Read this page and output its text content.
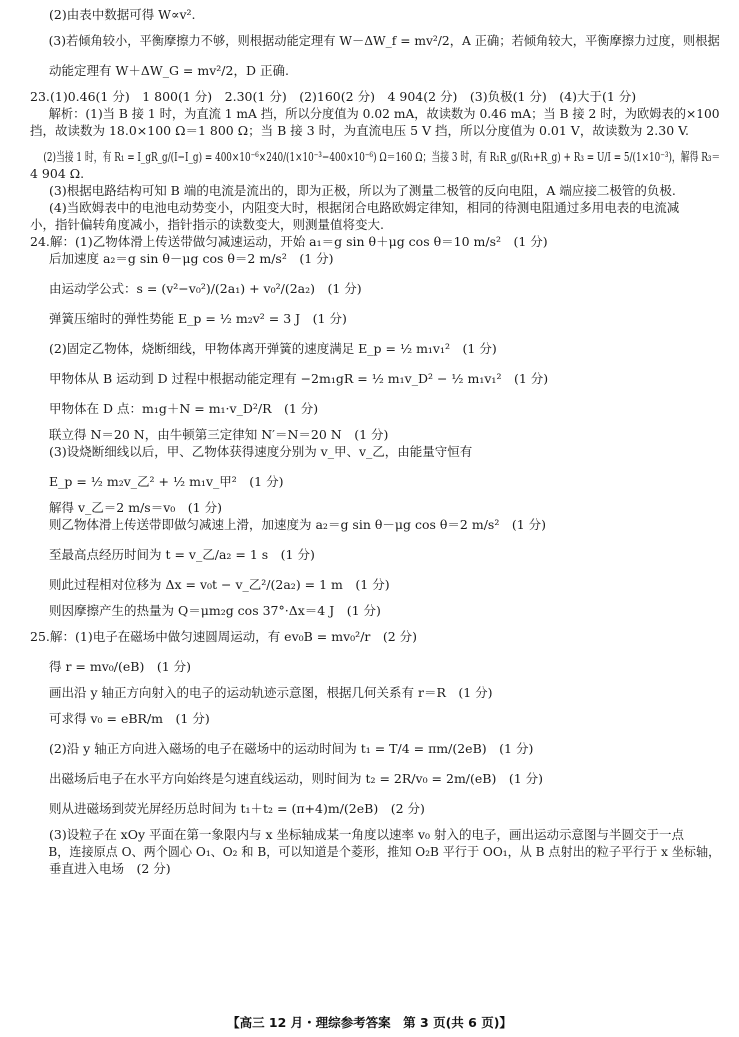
(2)由表中数据可得 W∝v².

(3)若倾角较小，平衡摩擦力不够，则根据动能定理有 W－ΔW_f = mv²/2，A 正确；若倾角较大，平衡摩擦力过度，则根据

动能定理有 W＋ΔW_G = mv²/2，D 正确.

23.(1)0.46(1 分)　1 800(1 分)　2.30(1 分)　(2)160(2 分)　4 904(2 分)　(3)负极(1 分)　(4)大于(1 分)

解析：(1)当 B 接 1 时，为直流 1 mA 挡，所以分度值为 0.02 mA，故读数为 0.46 mA；当 B 接 2 时，为欧姆表的×100

挡，故读数为 18.0×100 Ω＝1 800 Ω；当 B 接 3 时，为直流电压 5 V 挡，所以分度值为 0.01 V，故读数为 2.30 V.

(2)当接 1 时，有 R₁ = I_gR_g/(I−I_g) = 400×10⁻⁶×240/(1×10⁻³−400×10⁻⁶) Ω＝160 Ω；当接 3 时，有 R₁R_g/(R₁+R_g) + R₃ = U/I = 5/(1×10⁻³)，解得 R₃＝

4 904 Ω.

(3)根据电路结构可知 B 端的电流是流出的，即为正极，所以为了测量二极管的反向电阻，A 端应接二极管的负极.

(4)当欧姆表中的电池电动势变小，内阻变大时，根据闭合电路欧姆定律知，相同的待测电阻通过多用电表的电流减

小，指针偏转角度减小，指针指示的读数变大，则测量值将变大.

24.解：(1)乙物体滑上传送带做匀减速运动，开始 a₁＝g sin θ＋μg cos θ＝10 m/s²　(1 分)

后加速度 a₂＝g sin θ－μg cos θ＝2 m/s²　(1 分)

由运动学公式：s = (v²−v₀²)/(2a₁) + v₀²/(2a₂)　(1 分)

弹簧压缩时的弹性势能 E_p = ½ m₂v² = 3 J　(1 分)

(2)固定乙物体，烧断细线，甲物体离开弹簧的速度满足 E_p = ½ m₁v₁²　(1 分)

甲物体从 B 运动到 D 过程中根据动能定理有 −2m₁gR = ½ m₁v_D² − ½ m₁v₁²　(1 分)

甲物体在 D 点：m₁g＋N = m₁·v_D²/R　(1 分)

联立得 N＝20 N，由牛顿第三定律知 N′＝N＝20 N　(1 分)

(3)设烧断细线以后，甲、乙物体获得速度分别为 v_甲、v_乙，由能量守恒有

E_p = ½ m₂v_乙² + ½ m₁v_甲²　(1 分)

解得 v_乙＝2 m/s＝v₀　(1 分)

则乙物体滑上传送带即做匀减速上滑，加速度为 a₂＝g sin θ－μg cos θ＝2 m/s²　(1 分)

至最高点经历时间为 t = v_乙/a₂ = 1 s　(1 分)

则此过程相对位移为 Δx = v₀t − v_乙²/(2a₂) = 1 m　(1 分)

则因摩擦产生的热量为 Q＝μm₂g cos 37°·Δx＝4 J　(1 分)

25.解：(1)电子在磁场中做匀速圆周运动，有 ev₀B = mv₀²/r　(2 分)

得 r = mv₀/(eB)　(1 分)

画出沿 y 轴正方向射入的电子的运动轨迹示意图，根据几何关系有 r＝R　(1 分)

可求得 v₀ = eBR/m　(1 分)

(2)沿 y 轴正方向进入磁场的电子在磁场中的运动时间为 t₁ = T/4 = πm/(2eB)　(1 分)

出磁场后电子在水平方向始终是匀速直线运动，则时间为 t₂ = 2R/v₀ = 2m/(eB)　(1 分)

则从进磁场到荧光屏经历总时间为 t₁＋t₂ = (π+4)m/(2eB)　(2 分)

(3)设粒子在 xOy 平面在第一象限内与 x 坐标轴成某一角度以速率 v₀ 射入的电子，画出运动示意图与半圆交于一点

B，连接原点 O、两个圆心 O₁、O₂ 和 B，可以知道是个菱形，推知 O₂B 平行于 OO₁，从 B 点射出的粒子平行于 x 坐标轴，

垂直进入电场　(2 分)

【高三 12 月・理综参考答案　第 3 页(共 6 页)】
